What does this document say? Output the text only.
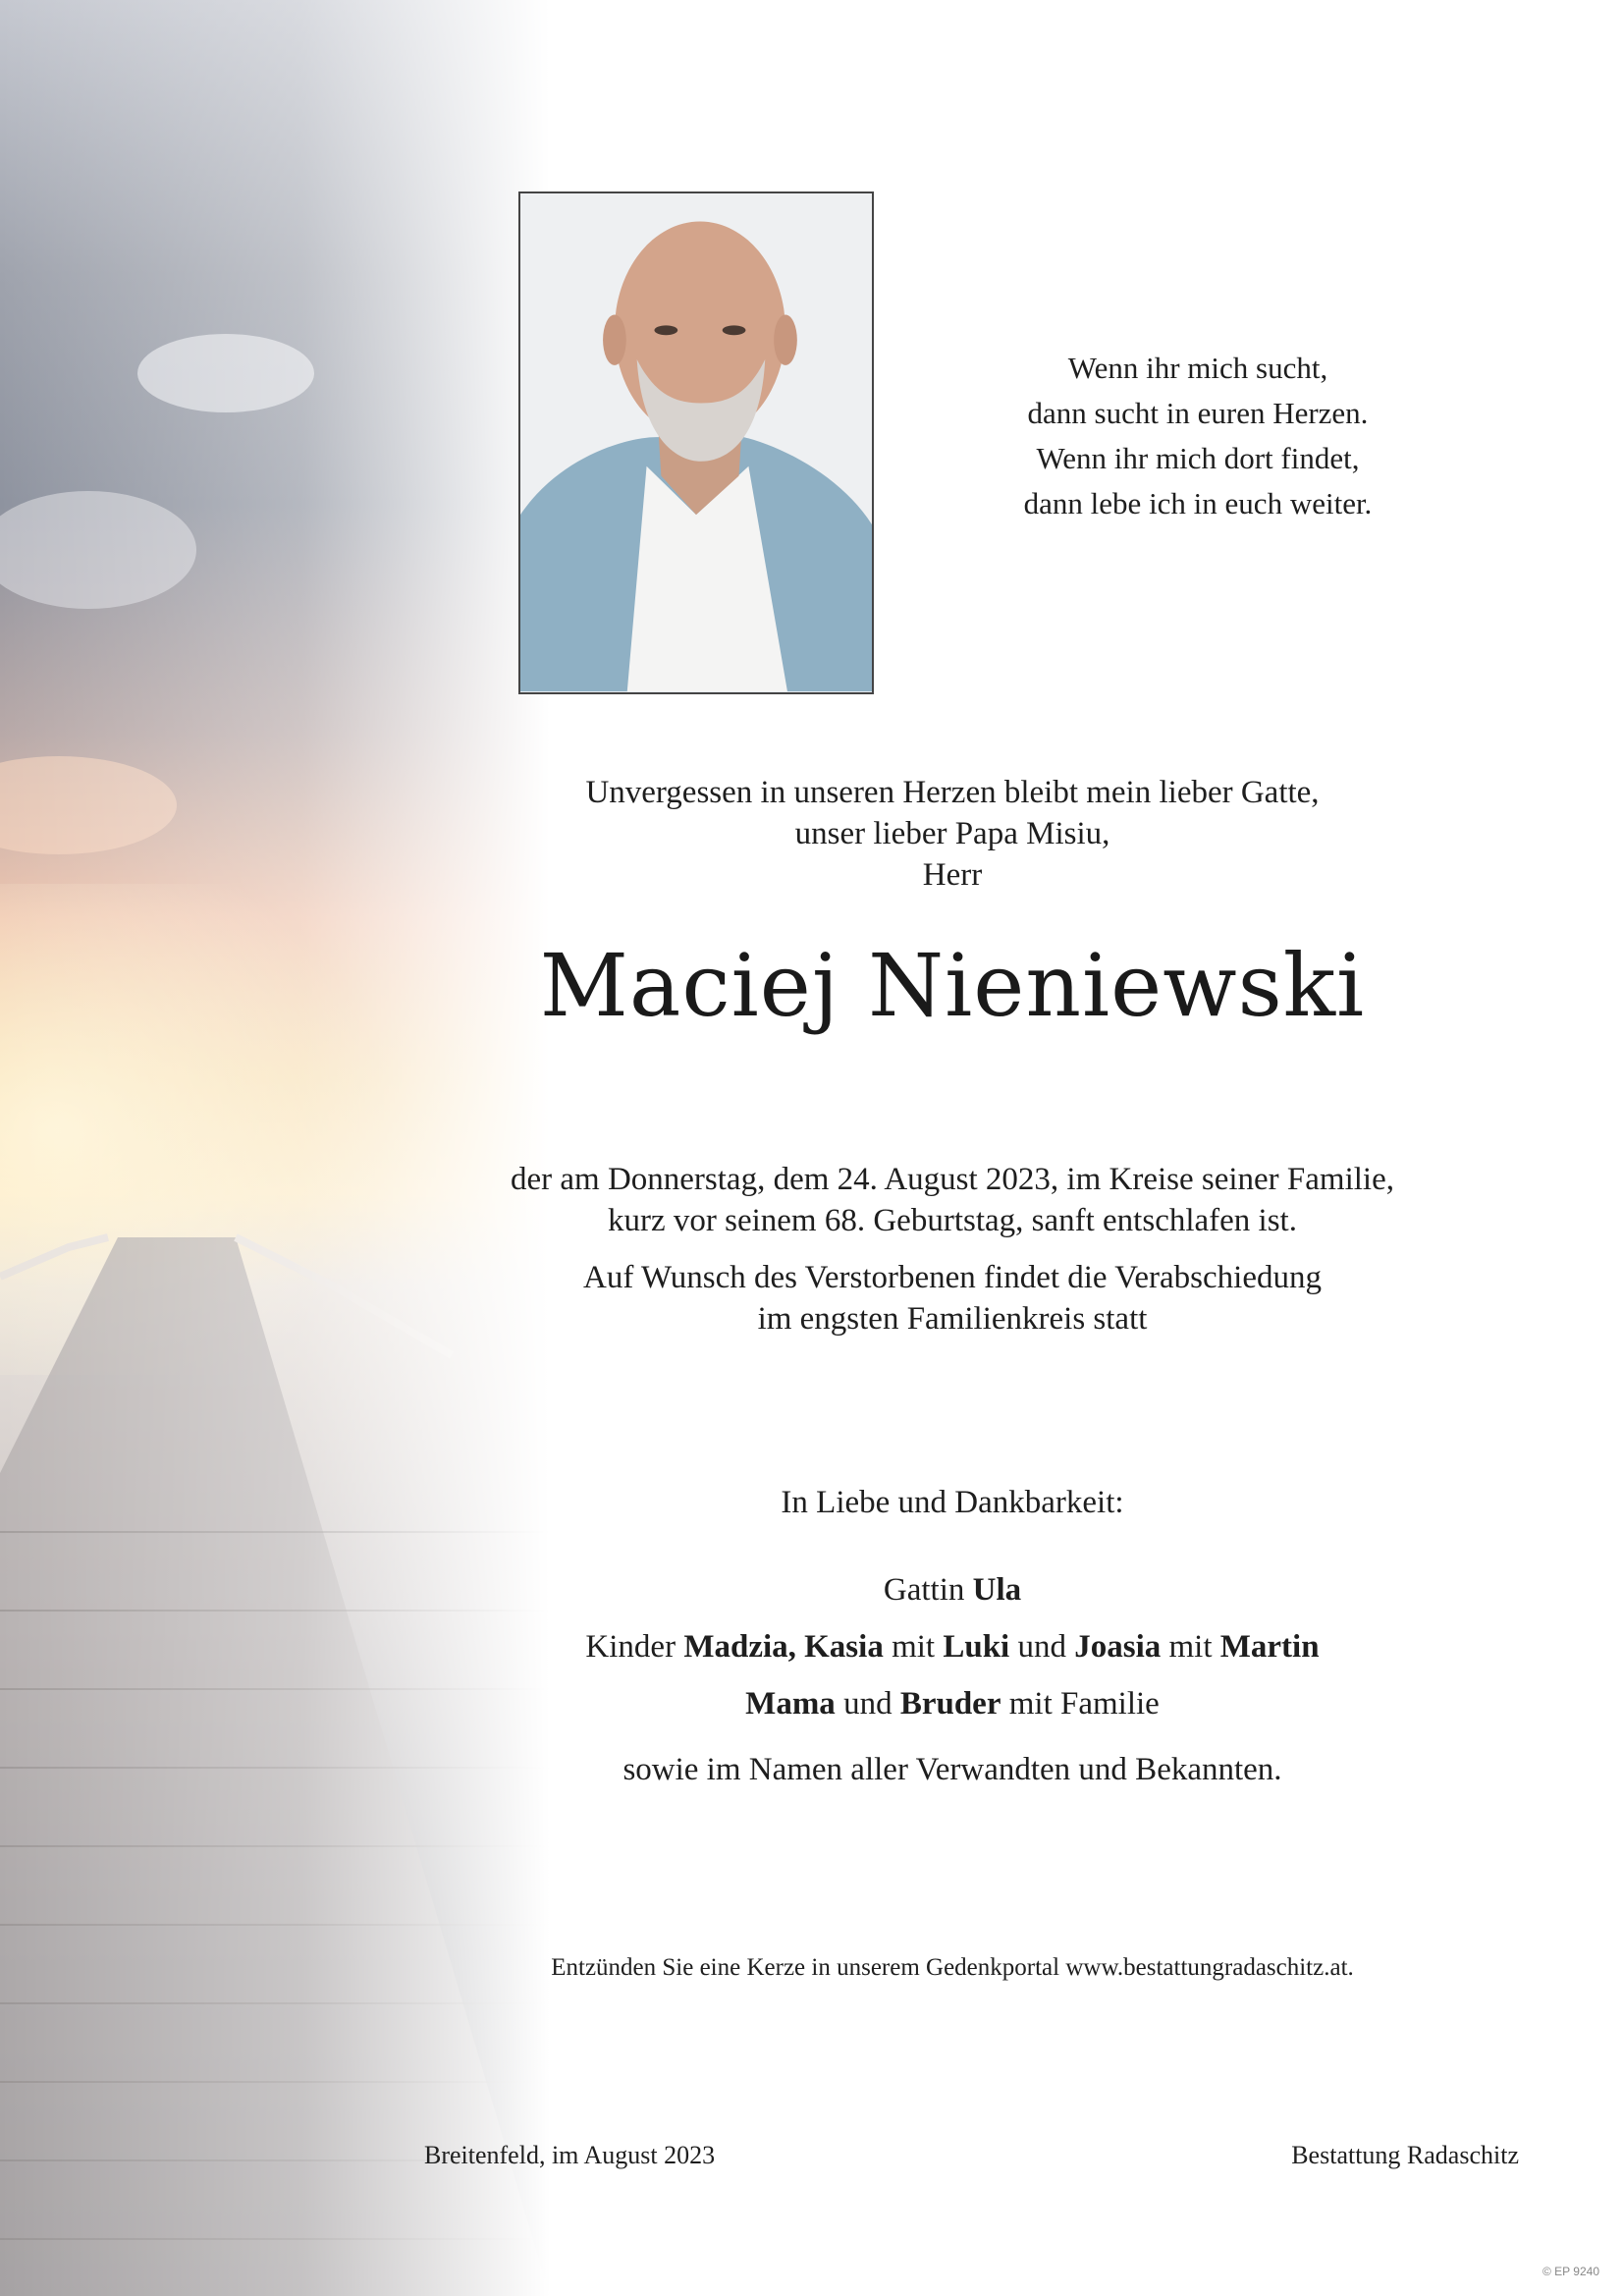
Wenn ihr mich sucht,
dann sucht in euren Herzen.
Wenn ihr mich dort findet,
dann lebe ich in euch weiter.
Unvergessen in unseren Herzen bleibt mein lieber Gatte,
unser lieber Papa Misiu,
Herr
Maciej Nieniewski
der am Donnerstag, dem 24. August 2023, im Kreise seiner Familie,
kurz vor seinem 68. Geburtstag, sanft entschlafen ist.
Auf Wunsch des Verstorbenen findet die Verabschiedung
im engsten Familienkreis statt
In Liebe und Dankbarkeit:
Gattin Ula
Kinder Madzia, Kasia mit Luki und Joasia mit Martin
Mama und Bruder mit Familie
sowie im Namen aller Verwandten und Bekannten.
Entzünden Sie eine Kerze in unserem Gedenkportal www.bestattungradaschitz.at.
Breitenfeld, im August 2023	Bestattung Radaschitz
© EP 9240
